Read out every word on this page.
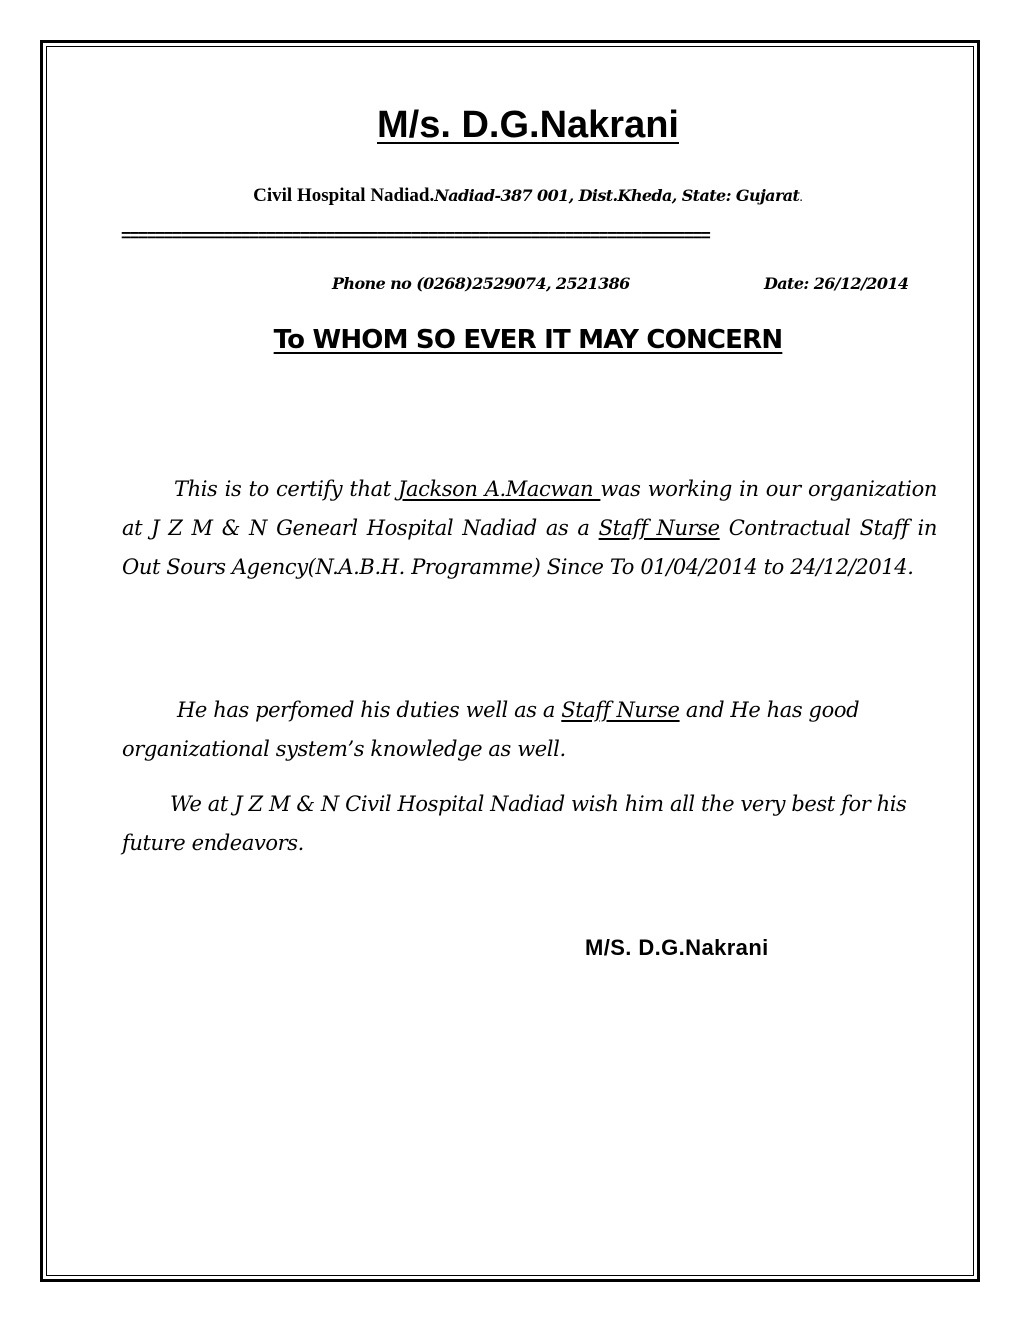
M/s. D.G.Nakrani
Civil Hospital Nadiad.Nadiad-387 001, Dist.Kheda, State: Gujarat.
=====================================================================
Phone no (0268)2529074, 2521386	Date: 26/12/2014
To WHOM SO EVER IT MAY CONCERN

This is to certify that Jackson A.Macwan was working in our organization at J Z M & N Genearl Hospital Nadiad as a Staff Nurse Contractual Staff in Out Sours Agency(N.A.B.H. Programme) Since To 01/04/2014 to 24/12/2014.

He has perfomed his duties well as a Staff Nurse and He has good organizational system’s knowledge as well.

We at J Z M & N Civil Hospital Nadiad wish him all the very best for his future endeavors.

M/S. D.G.Nakrani
